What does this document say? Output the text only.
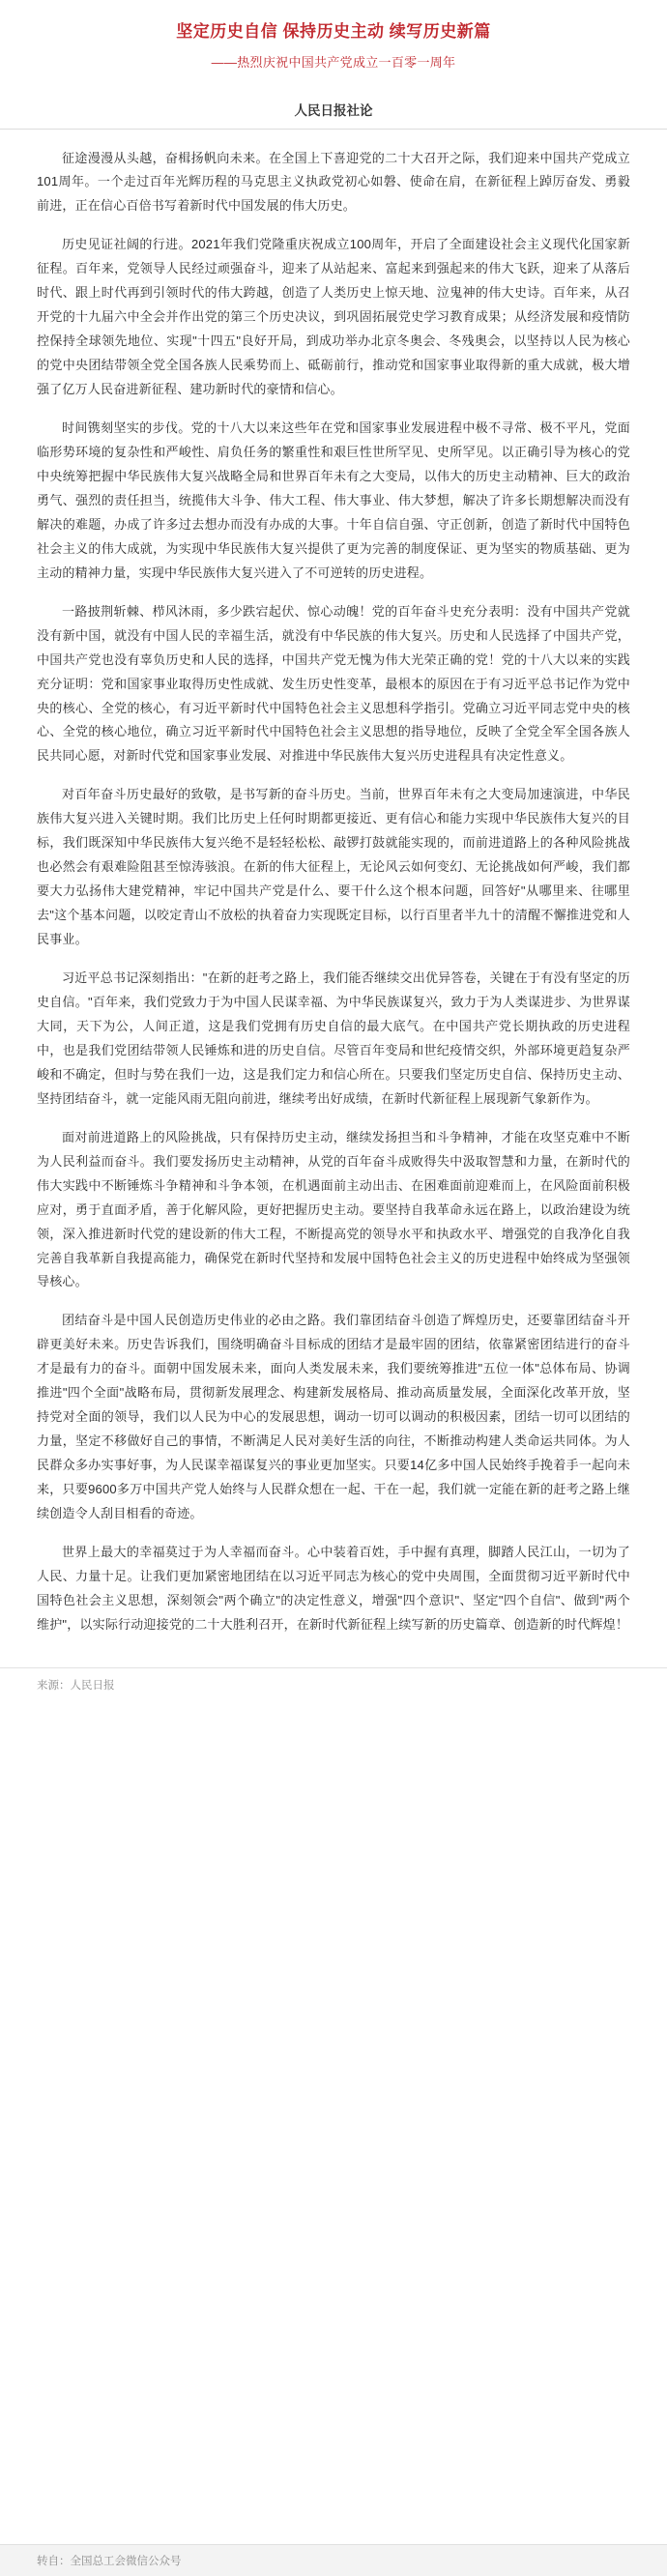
坚定历史自信 保持历史主动 续写历史新篇
——热烈庆祝中国共产党成立一百零一周年
人民日报社论

征途漫漫从头越，奋楫扬帆向未来。在全国上下喜迎党的二十大召开之际，我们迎来中国共产党成立101周年。一个走过百年光辉历程的马克思主义执政党初心如磐、使命在肩，在新征程上踔厉奋发、勇毅前进，正在信心百倍书写着新时代中国发展的伟大历史。

历史见证社阔的行进。2021年我们党隆重庆祝成立100周年，开启了全面建设社会主义现代化国家新征程。百年来，党领导人民经过顽强奋斗，迎来了从站起来、富起来到强起来的伟大飞跃，迎来了从落后时代、跟上时代再到引领时代的伟大跨越，创造了人类历史上惊天地、泣鬼神的伟大史诗。百年来，从召开党的十九届六中全会并作出党的第三个历史决议，到巩固拓展党史学习教育成果；从经济发展和疫情防控保持全球领先地位、实现"十四五"良好开局，到成功举办北京冬奥会、冬残奥会，以坚持以人民为核心的党中央团结带领全党全国各族人民乘势而上、砥砺前行，推动党和国家事业取得新的重大成就，极大增强了亿万人民奋进新征程、建功新时代的豪情和信心。

时间镌刻坚实的步伐。党的十八大以来这些年在党和国家事业发展进程中极不寻常、极不平凡，党面临形势环境的复杂性和严峻性、肩负任务的繁重性和艰巨性世所罕见、史所罕见。以正确引导为核心的党中央统筹把握中华民族伟大复兴战略全局和世界百年未有之大变局，以伟大的历史主动精神、巨大的政治勇气、强烈的责任担当，统揽伟大斗争、伟大工程、伟大事业、伟大梦想，解决了许多长期想解决而没有解决的难题，办成了许多过去想办而没有办成的大事。十年自信自强、守正创新，创造了新时代中国特色社会主义的伟大成就，为实现中华民族伟大复兴提供了更为完善的制度保证、更为坚实的物质基础、更为主动的精神力量，实现中华民族伟大复兴进入了不可逆转的历史进程。

一路披荆斩棘、栉风沐雨，多少跌宕起伏、惊心动魄！党的百年奋斗史充分表明：没有中国共产党就没有新中国，就没有中国人民的幸福生活，就没有中华民族的伟大复兴。历史和人民选择了中国共产党，中国共产党也没有辜负历史和人民的选择，中国共产党无愧为伟大光荣正确的党！党的十八大以来的实践充分证明：党和国家事业取得历史性成就、发生历史性变革，最根本的原因在于有习近平总书记作为党中央的核心、全党的核心，有习近平新时代中国特色社会主义思想科学指引。党确立习近平同志党中央的核心、全党的核心地位，确立习近平新时代中国特色社会主义思想的指导地位，反映了全党全军全国各族人民共同心愿，对新时代党和国家事业发展、对推进中华民族伟大复兴历史进程具有决定性意义。

对百年奋斗历史最好的致敬，是书写新的奋斗历史。当前，世界百年未有之大变局加速演进，中华民族伟大复兴进入关键时期。我们比历史上任何时期都更接近、更有信心和能力实现中华民族伟大复兴的目标，我们既深知中华民族伟大复兴绝不是轻轻松松、敲锣打鼓就能实现的，而前进道路上的各种风险挑战也必然会有艰难险阻甚至惊涛骇浪。在新的伟大征程上，无论风云如何变幻、无论挑战如何严峻，我们都要大力弘扬伟大建党精神，牢记中国共产党是什么、要干什么这个根本问题，回答好"从哪里来、往哪里去"这个基本问题，以咬定青山不放松的执着奋力实现既定目标，以行百里者半九十的清醒不懈推进党和人民事业。

习近平总书记深刻指出："在新的赶考之路上，我们能否继续交出优异答卷，关键在于有没有坚定的历史自信。"百年来，我们党致力于为中国人民谋幸福、为中华民族谋复兴，致力于为人类谋进步、为世界谋大同，天下为公，人间正道，这是我们党拥有历史自信的最大底气。在中国共产党长期执政的历史进程中，也是我们党团结带领人民锤炼和进的历史自信。尽管百年变局和世纪疫情交织，外部环境更趋复杂严峻和不确定，但时与势在我们一边，这是我们定力和信心所在。只要我们坚定历史自信、保持历史主动、坚持团结奋斗，就一定能风雨无阻向前进，继续考出好成绩，在新时代新征程上展现新气象新作为。

面对前进道路上的风险挑战，只有保持历史主动，继续发扬担当和斗争精神，才能在攻坚克难中不断为人民利益而奋斗。我们要发扬历史主动精神，从党的百年奋斗成败得失中汲取智慧和力量，在新时代的伟大实践中不断锤炼斗争精神和斗争本领，在机遇面前主动出击、在困难面前迎难而上，在风险面前积极应对，勇于直面矛盾，善于化解风险，更好把握历史主动。要坚持自我革命永远在路上，以政治建设为统领，深入推进新时代党的建设新的伟大工程，不断提高党的领导水平和执政水平、增强党的自我净化自我完善自我革新自我提高能力，确保党在新时代坚持和发展中国特色社会主义的历史进程中始终成为坚强领导核心。

团结奋斗是中国人民创造历史伟业的必由之路。我们靠团结奋斗创造了辉煌历史，还要靠团结奋斗开辟更美好未来。历史告诉我们，围绕明确奋斗目标成的团结才是最牢固的团结，依靠紧密团结进行的奋斗才是最有力的奋斗。面朝中国发展未来，面向人类发展未来，我们要统筹推进"五位一体"总体布局、协调推进"四个全面"战略布局，贯彻新发展理念、构建新发展格局、推动高质量发展，全面深化改革开放，坚持党对全面的领导，我们以人民为中心的发展思想，调动一切可以调动的积极因素，团结一切可以团结的力量，坚定不移做好自己的事情，不断满足人民对美好生活的向往，不断推动构建人类命运共同体。为人民群众多办实事好事，为人民谋幸福谋复兴的事业更加坚实。只要14亿多中国人民始终手挽着手一起向未来，只要9600多万中国共产党人始终与人民群众想在一起、干在一起，我们就一定能在新的赶考之路上继续创造令人刮目相看的奇迹。

世界上最大的幸福莫过于为人幸福而奋斗。心中装着百姓，手中握有真理，脚踏人民江山，一切为了人民、力量十足。让我们更加紧密地团结在以习近平同志为核心的党中央周围，全面贯彻习近平新时代中国特色社会主义思想，深刻领会"两个确立"的决定性意义，增强"四个意识"、坚定"四个自信"、做到"两个维护"，以实际行动迎接党的二十大胜利召开，在新时代新征程上续写新的历史篇章、创造新的时代辉煌！

来源：人民日报
转自：全国总工会微信公众号
